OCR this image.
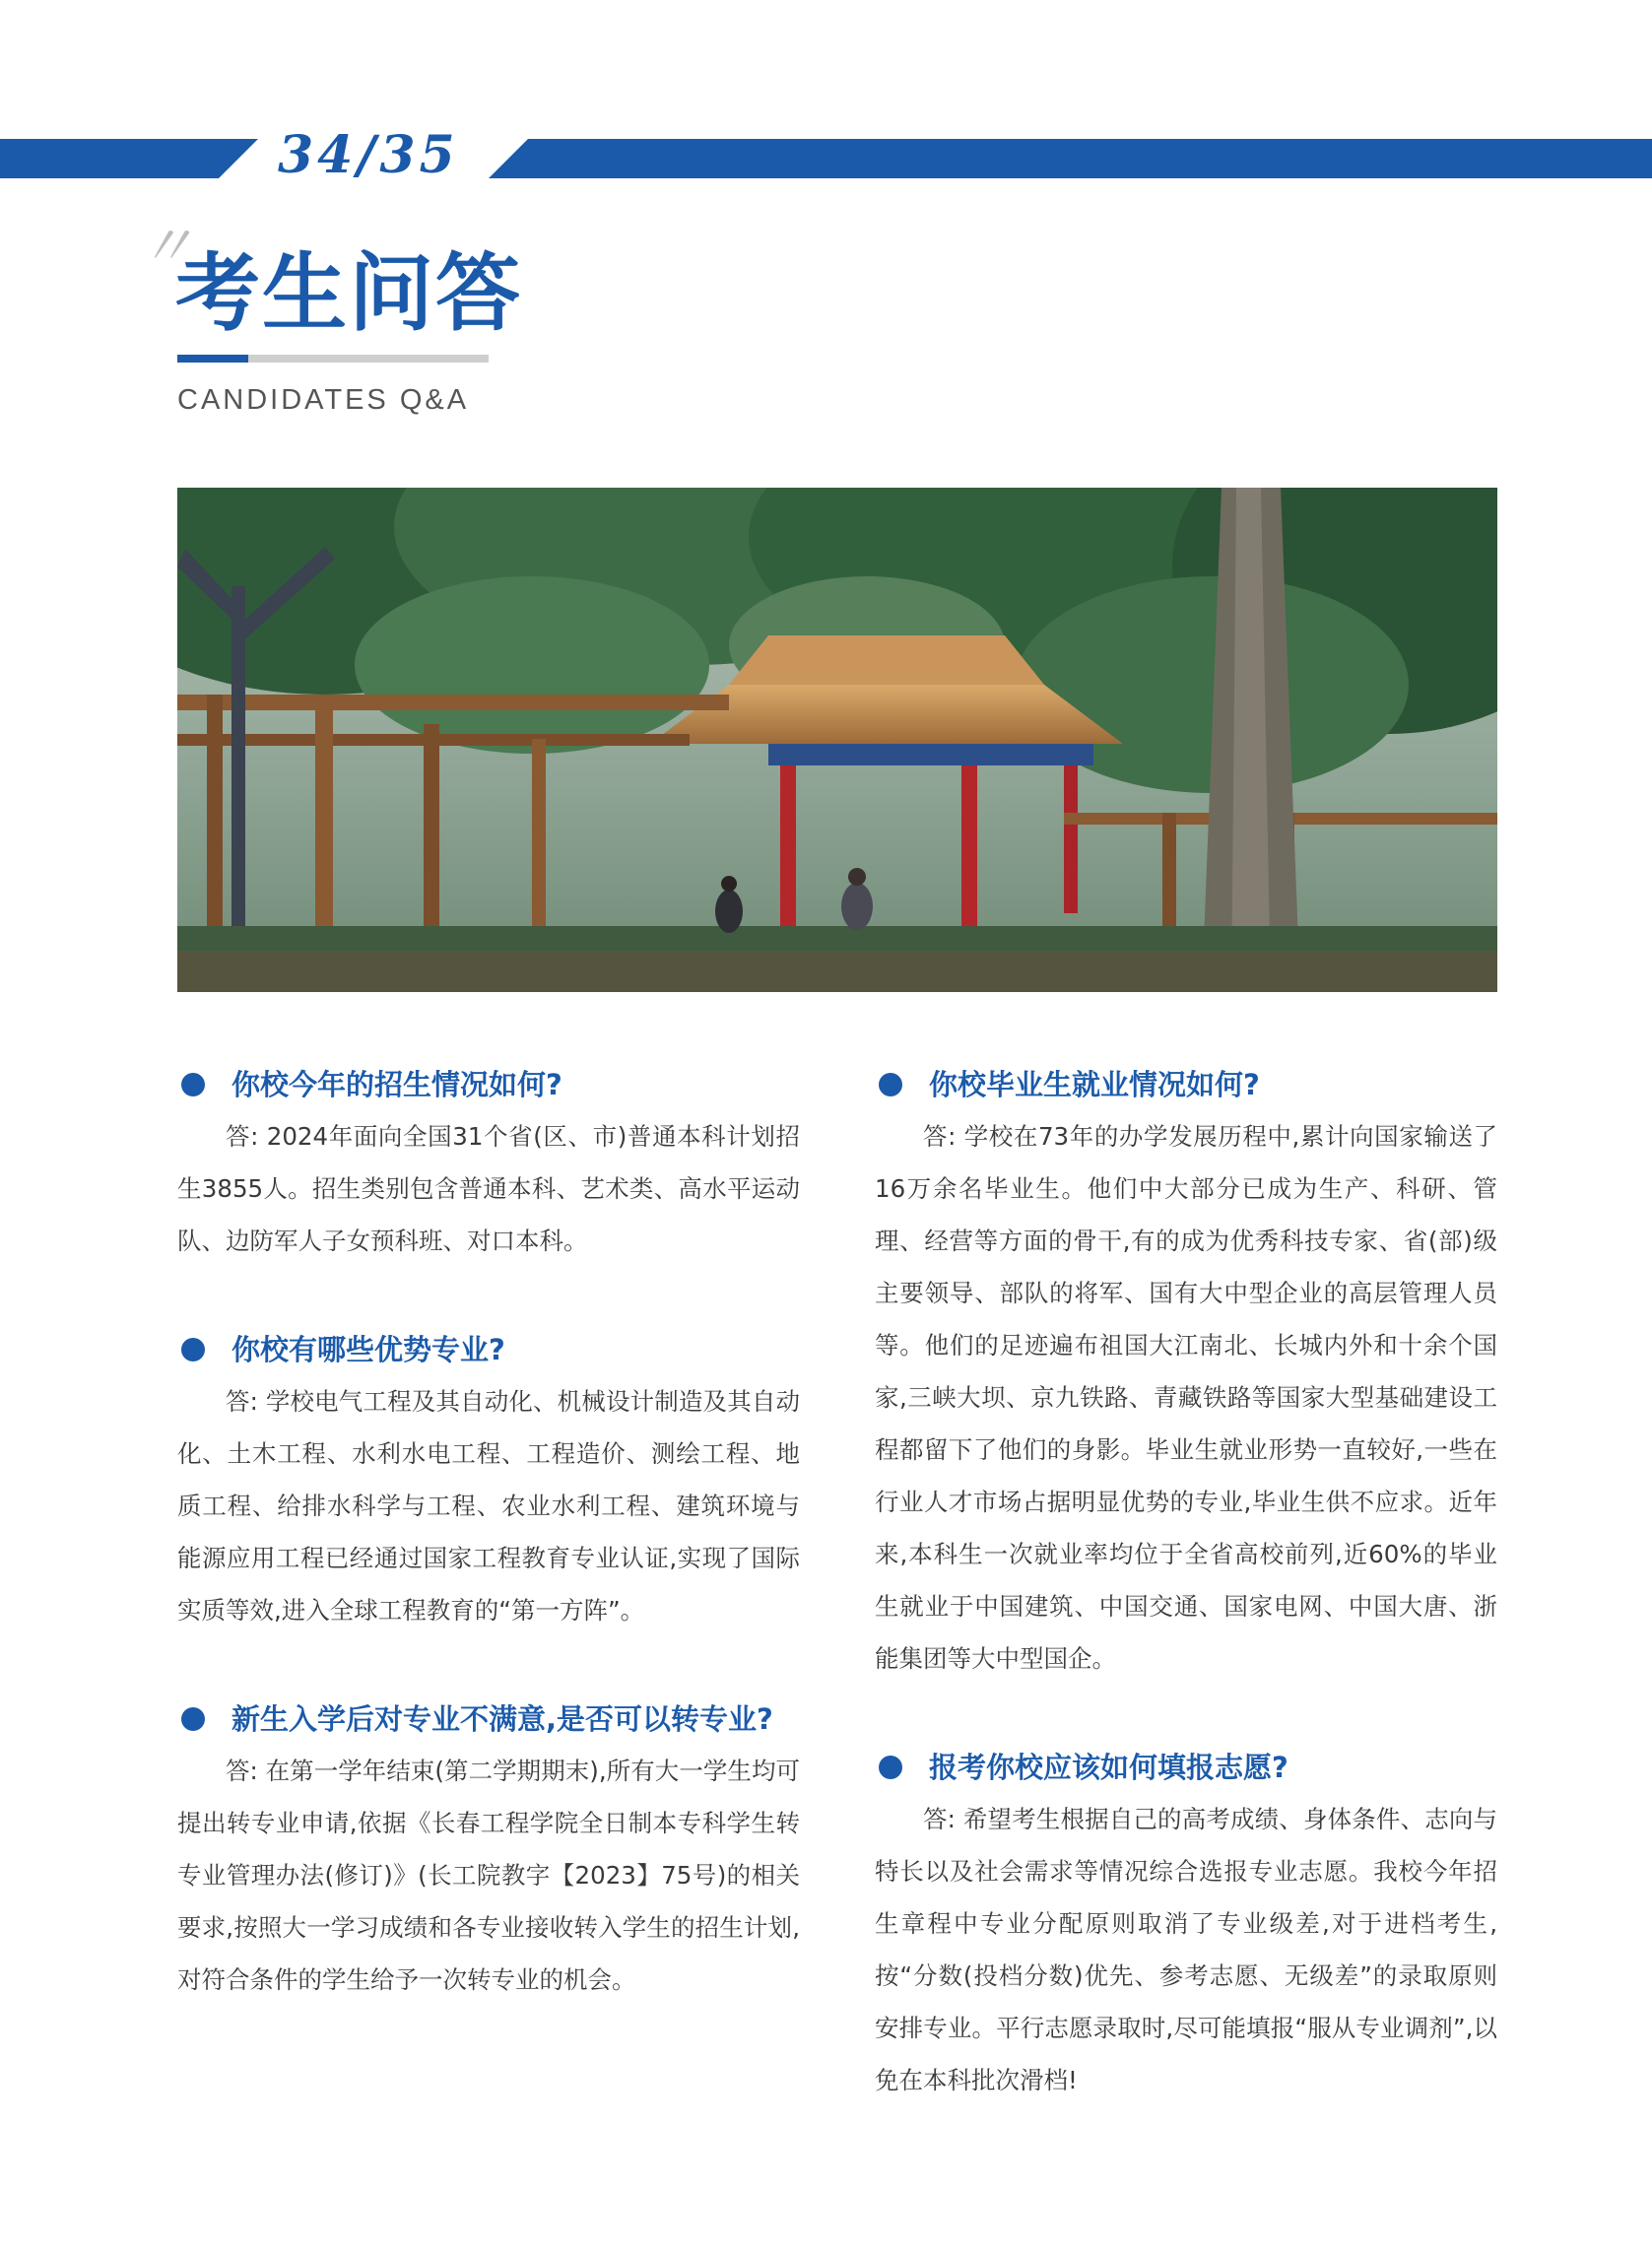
34/35
〃
考生问答
CANDIDATES Q&A
你校今年的招生情况如何?

答: 2024年面向全国31个省(区、市)普通本科计划招生3855人。招生类别包含普通本科、艺术类、高水平运动队、边防军人子女预科班、对口本科。

你校有哪些优势专业?

答: 学校电气工程及其自动化、机械设计制造及其自动化、土木工程、水利水电工程、工程造价、测绘工程、地质工程、给排水科学与工程、农业水利工程、建筑环境与能源应用工程已经通过国家工程教育专业认证,实现了国际实质等效,进入全球工程教育的“第一方阵”。

新生入学后对专业不满意,是否可以转专业?

答: 在第一学年结束(第二学期期末),所有大一学生均可提出转专业申请,依据《长春工程学院全日制本专科学生转专业管理办法(修订)》(长工院教字【2023】75号)的相关要求,按照大一学习成绩和各专业接收转入学生的招生计划,对符合条件的学生给予一次转专业的机会。

你校毕业生就业情况如何?

答: 学校在73年的办学发展历程中,累计向国家输送了16万余名毕业生。他们中大部分已成为生产、科研、管理、经营等方面的骨干,有的成为优秀科技专家、省(部)级主要领导、部队的将军、国有大中型企业的高层管理人员等。他们的足迹遍布祖国大江南北、长城内外和十余个国家,三峡大坝、京九铁路、青藏铁路等国家大型基础建设工程都留下了他们的身影。毕业生就业形势一直较好,一些在行业人才市场占据明显优势的专业,毕业生供不应求。近年来,本科生一次就业率均位于全省高校前列,近60%的毕业生就业于中国建筑、中国交通、国家电网、中国大唐、浙能集团等大中型国企。

报考你校应该如何填报志愿?

答: 希望考生根据自己的高考成绩、身体条件、志向与特长以及社会需求等情况综合选报专业志愿。我校今年招生章程中专业分配原则取消了专业级差,对于进档考生,按“分数(投档分数)优先、参考志愿、无级差”的录取原则安排专业。平行志愿录取时,尽可能填报“服从专业调剂”,以免在本科批次滑档!
